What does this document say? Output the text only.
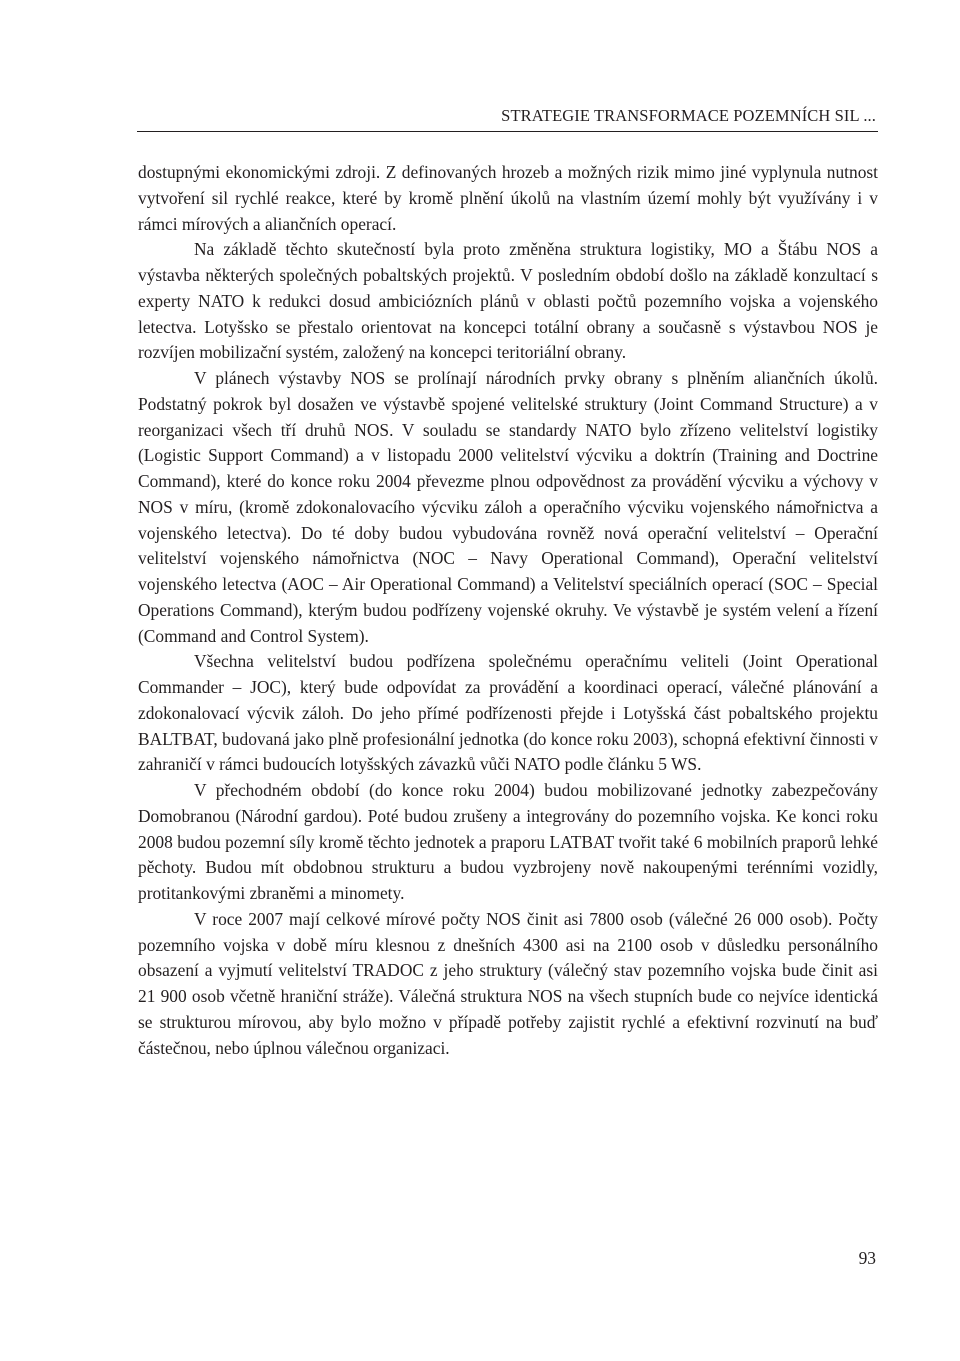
STRATEGIE TRANSFORMACE POZEMNÍCH SIL ...

dostupnými ekonomickými zdroji. Z definovaných hrozeb a možných rizik mimo jiné vyplynula nutnost vytvoření sil rychlé reakce, které by kromě plnění úkolů na vlastním území mohly být využívány i v rámci mírových a aliančních operací.

Na základě těchto skutečností byla proto změněna struktura logistiky, MO a Štábu NOS a výstavba některých společných pobaltských projektů. V posledním období došlo na základě konzultací s experty NATO k redukci dosud ambiciózních plánů v oblasti počtů pozemního vojska a vojenského letectva. Lotyšsko se přestalo orientovat na koncepci totální obrany a současně s výstavbou NOS je rozvíjen mobilizační systém, založený na koncepci teritoriální obrany.

V plánech výstavby NOS se prolínají národních prvky obrany s plněním aliančních úkolů. Podstatný pokrok byl dosažen ve výstavbě spojené velitelské struktury (Joint Command Structure) a v reorganizaci všech tří druhů NOS. V souladu se standardy NATO bylo zřízeno velitelství logistiky (Logistic Support Command) a v listopadu 2000 velitelství výcviku a doktrín (Training and Doctrine Command), které do konce roku 2004 převezme plnou odpovědnost za provádění výcviku a výchovy v NOS v míru, (kromě zdokonalovacího výcviku záloh a operačního výcviku vojenského námořnictva a vojenského letectva). Do té doby budou vybudována rovněž nová operační velitelství – Operační velitelství vojenského námořnictva (NOC – Navy Operational Command), Operační velitelství vojenského letectva (AOC – Air Operational Command) a Velitelství speciálních operací (SOC – Special Operations Command), kterým budou podřízeny vojenské okruhy. Ve výstavbě je systém velení a řízení (Command and Control System).

Všechna velitelství budou podřízena společnému operačnímu veliteli (Joint Operational Commander – JOC), který bude odpovídat za provádění a koordinaci operací, válečné plánování a zdokonalovací výcvik záloh. Do jeho přímé podřízenosti přejde i Lotyšská část pobaltského projektu BALTBAT, budovaná jako plně profesionální jednotka (do konce roku 2003), schopná efektivní činnosti v zahraničí v rámci budoucích lotyšských závazků vůči NATO podle článku 5 WS.

V přechodném období (do konce roku 2004) budou mobilizované jednotky zabezpečovány Domobranou (Národní gardou). Poté budou zrušeny a integrovány do pozemního vojska. Ke konci roku 2008 budou pozemní síly kromě těchto jednotek a praporu LATBAT tvořit také 6 mobilních praporů lehké pěchoty. Budou mít obdobnou strukturu a budou vyzbrojeny nově nakoupenými terénními vozidly, protitankovými zbraněmi a minomety.

V roce 2007 mají celkové mírové počty NOS činit asi 7800 osob (válečné 26 000 osob). Počty pozemního vojska v době míru klesnou z dnešních 4300 asi na 2100 osob v důsledku personálního obsazení a vyjmutí velitelství TRADOC z jeho struktury (válečný stav pozemního vojska bude činit asi 21 900 osob včetně hraniční stráže). Válečná struktura NOS na všech stupních bude co nejvíce identická se strukturou mírovou, aby bylo možno v případě potřeby zajistit rychlé a efektivní rozvinutí na buď částečnou, nebo úplnou válečnou organizaci.

93
